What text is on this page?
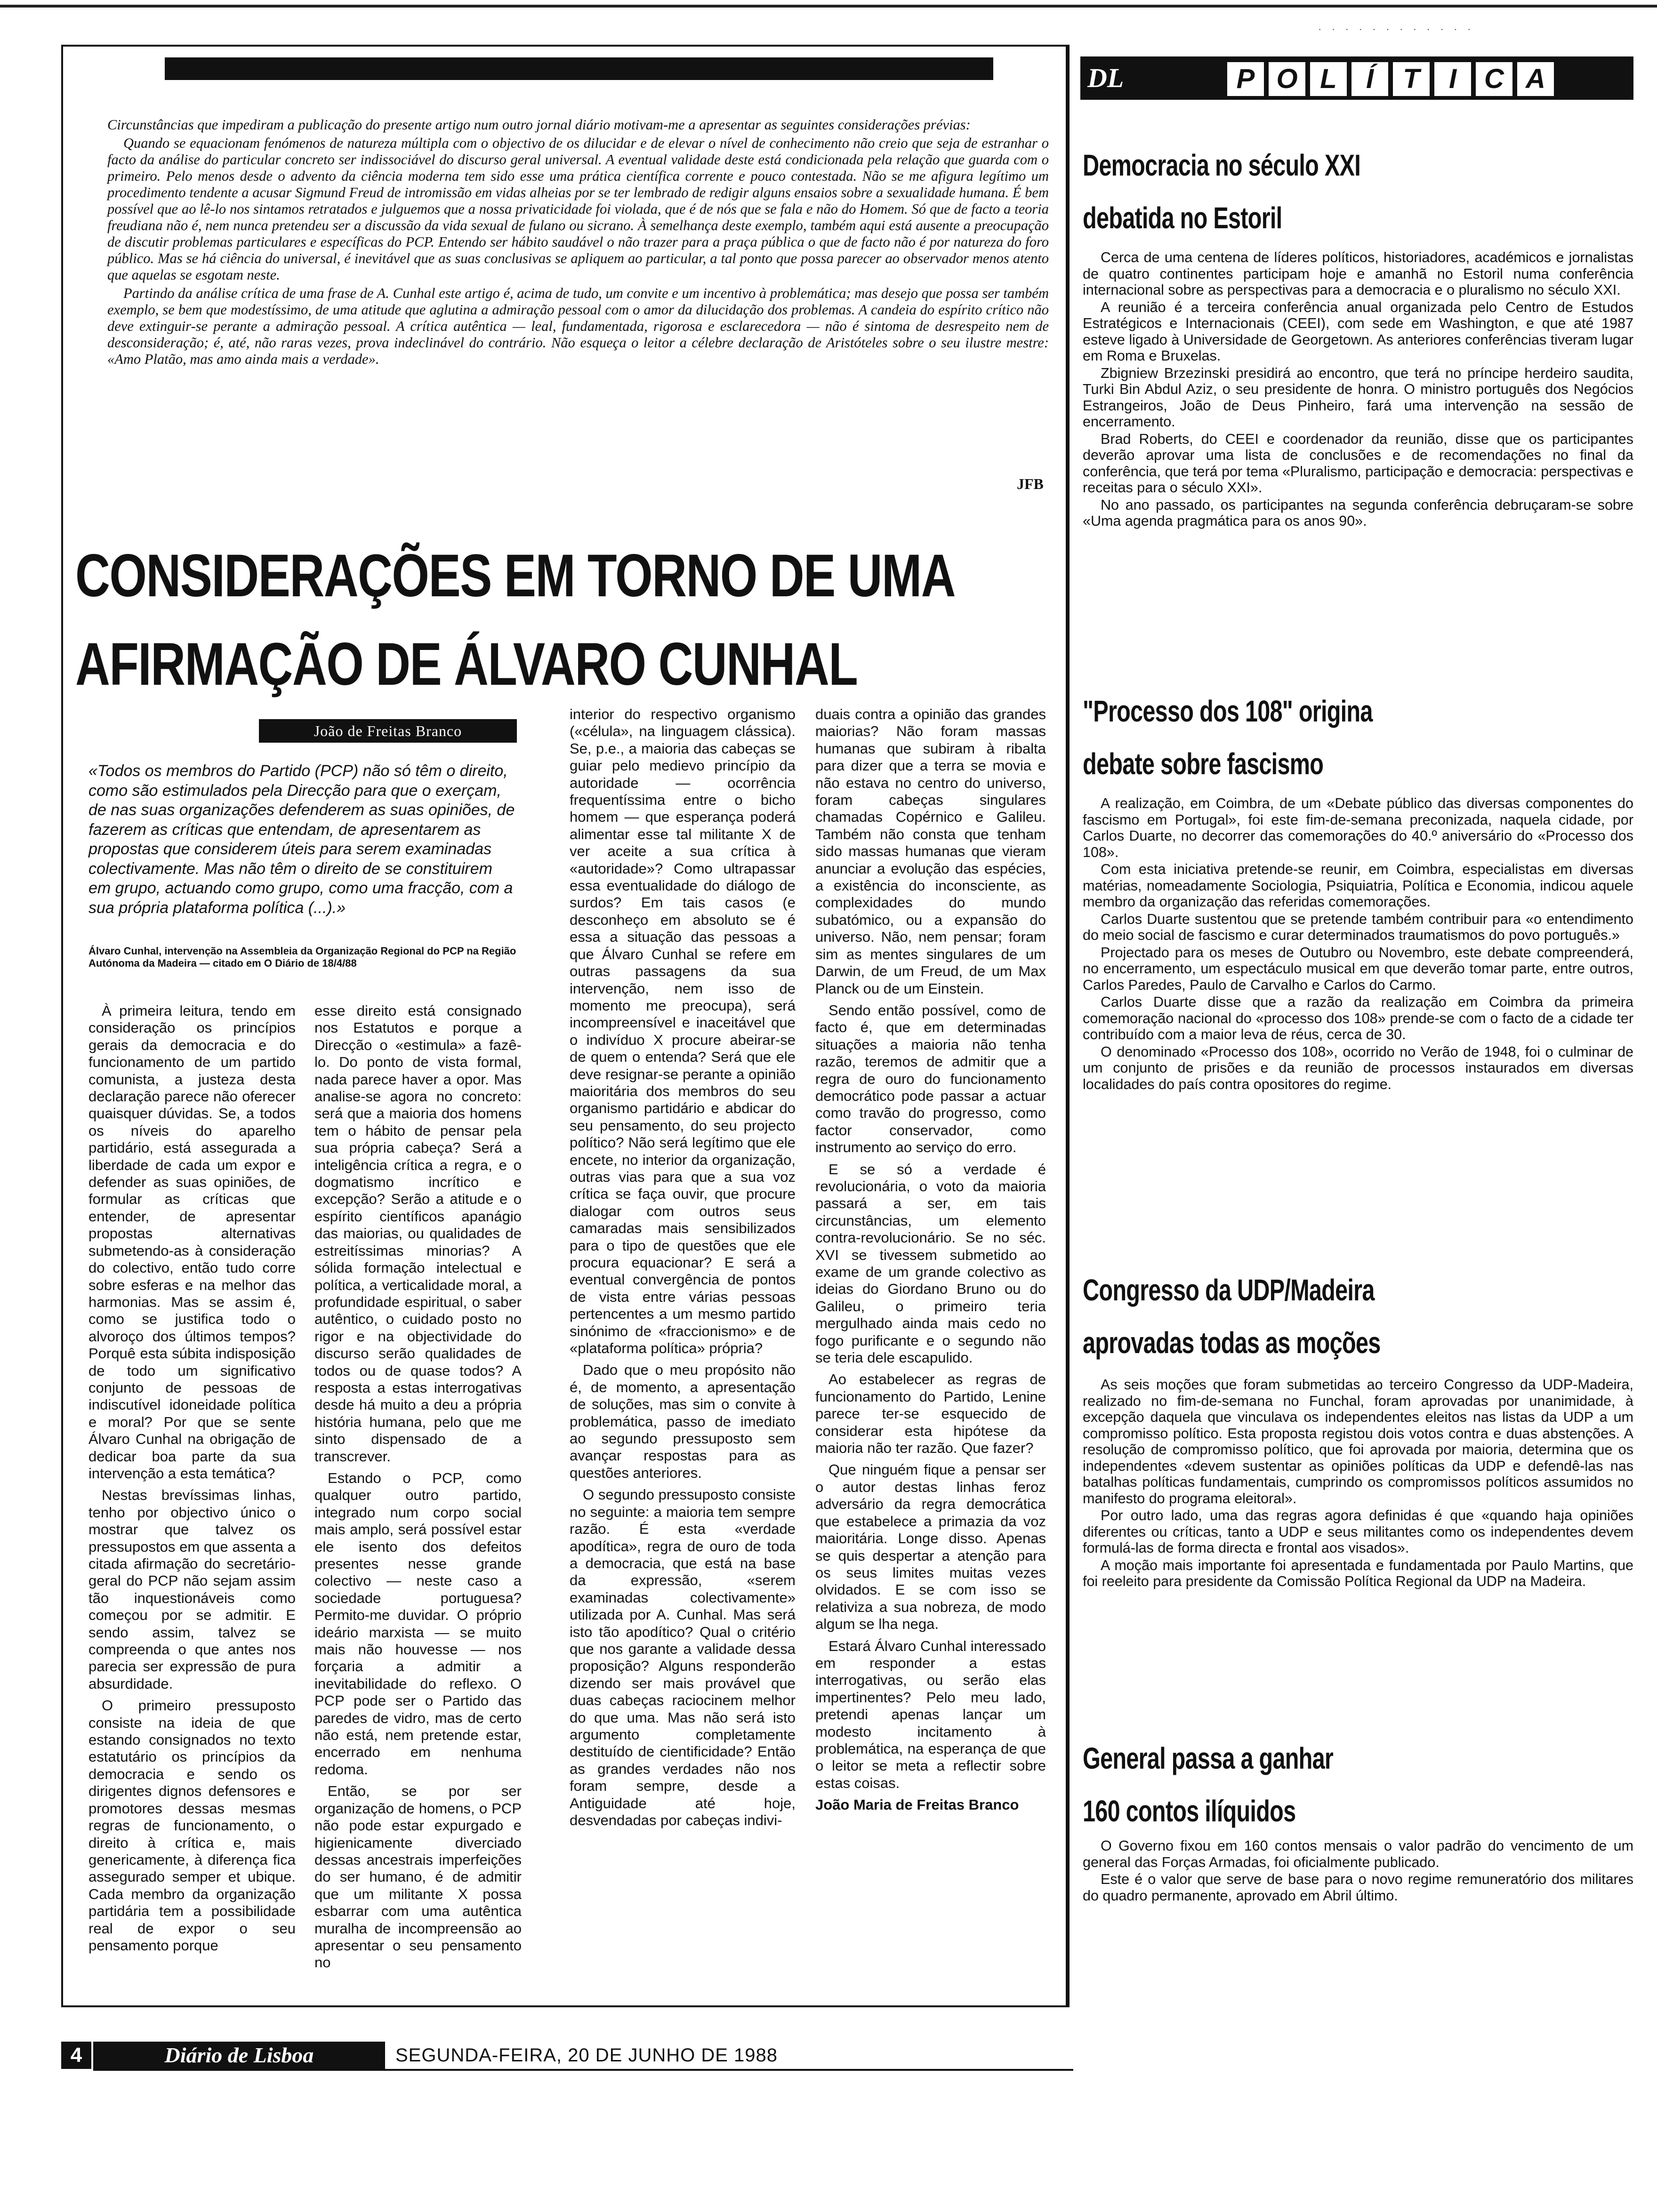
· · · · · · · · · · · ·

Circunstâncias que impediram a publicação do presente artigo num outro jornal diário motivam-me a apresentar as seguintes considerações prévias:

Quando se equacionam fenómenos de natureza múltipla com o objectivo de os dilucidar e de elevar o nível de conhecimento não creio que seja de estranhar o facto da análise do particular concreto ser indissociável do discurso geral universal. A eventual validade deste está condicionada pela relação que guarda com o primeiro. Pelo menos desde o advento da ciência moderna tem sido esse uma prática científica corrente e pouco contestada. Não se me afigura legítimo um procedimento tendente a acusar Sigmund Freud de intromissão em vidas alheias por se ter lembrado de redigir alguns ensaios sobre a sexualidade humana. É bem possível que ao lê-lo nos sintamos retratados e julguemos que a nossa privaticidade foi violada, que é de nós que se fala e não do Homem. Só que de facto a teoria freudiana não é, nem nunca pretendeu ser a discussão da vida sexual de fulano ou sicrano. À semelhança deste exemplo, também aqui está ausente a preocupação de discutir problemas particulares e específicas do PCP. Entendo ser hábito saudável o não trazer para a praça pública o que de facto não é por natureza do foro público. Mas se há ciência do universal, é inevitável que as suas conclusivas se apliquem ao particular, a tal ponto que possa parecer ao observador menos atento que aquelas se esgotam neste.

Partindo da análise crítica de uma frase de A. Cunhal este artigo é, acima de tudo, um convite e um incentivo à problemática; mas desejo que possa ser também exemplo, se bem que modestíssimo, de uma atitude que aglutina a admiração pessoal com o amor da dilucidação dos problemas. A candeia do espírito crítico não deve extinguir-se perante a admiração pessoal. A crítica autêntica — leal, fundamentada, rigorosa e esclarecedora — não é sintoma de desrespeito nem de desconsideração; é, até, não raras vezes, prova indeclinável do contrário. Não esqueça o leitor a célebre declaração de Aristóteles sobre o seu ilustre mestre: «Amo Platão, mas amo ainda mais a verdade».

JFB
CONSIDERAÇÕES EM TORNO DE UMA
AFIRMAÇÃO DE ÁLVARO CUNHAL
João de Freitas Branco
«Todos os membros do Partido (PCP) não só têm o direito, como são estimulados pela Direcção para que o exerçam, de nas suas organizações defenderem as suas opiniões, de fazerem as críticas que entendam, de apresentarem as propostas que considerem úteis para serem examinadas colectivamente. Mas não têm o direito de se constituirem em grupo, actuando como grupo, como uma fracção, com a sua própria plataforma política (...).»
Álvaro Cunhal, intervenção na Assembleia da Organização Regional do PCP na Região Autónoma da Madeira — citado em O Diário de 18/4/88

À primeira leitura, tendo em consideração os princípios gerais da democracia e do funcionamento de um partido comunista, a justeza desta declaração parece não oferecer quaisquer dúvidas. Se, a todos os níveis do aparelho partidário, está assegurada a liberdade de cada um expor e defender as suas opiniões, de formular as críticas que entender, de apresentar propostas alternativas submetendo-as à consideração do colectivo, então tudo corre sobre esferas e na melhor das harmonias. Mas se assim é, como se justifica todo o alvoroço dos últimos tempos? Porquê esta súbita indisposição de todo um significativo conjunto de pessoas de indiscutível idoneidade política e moral? Por que se sente Álvaro Cunhal na obrigação de dedicar boa parte da sua intervenção a esta temática?

Nestas brevíssimas linhas, tenho por objectivo único o mostrar que talvez os pressupostos em que assenta a citada afirmação do secretário-geral do PCP não sejam assim tão inquestionáveis como começou por se admitir. E sendo assim, talvez se compreenda o que antes nos parecia ser expressão de pura absurdidade.

O primeiro pressuposto consiste na ideia de que estando consignados no texto estatutário os princípios da democracia e sendo os dirigentes dignos defensores e promotores dessas mesmas regras de funcionamento, o direito à crítica e, mais genericamente, à diferença fica assegurado semper et ubique. Cada membro da organização partidária tem a possibilidade real de expor o seu pensamento porque

esse direito está consignado nos Estatutos e porque a Direcção o «estimula» a fazê-lo. Do ponto de vista formal, nada parece haver a opor. Mas analise-se agora no concreto: será que a maioria dos homens tem o hábito de pensar pela sua própria cabeça? Será a inteligência crítica a regra, e o dogmatismo incrítico e excepção? Serão a atitude e o espírito científicos apanágio das maiorias, ou qualidades de estreitíssimas minorias? A sólida formação intelectual e política, a verticalidade moral, a profundidade espiritual, o saber autêntico, o cuidado posto no rigor e na objectividade do discurso serão qualidades de todos ou de quase todos? A resposta a estas interrogativas desde há muito a deu a própria história humana, pelo que me sinto dispensado de a transcrever.

Estando o PCP, como qualquer outro partido, integrado num corpo social mais amplo, será possível estar ele isento dos defeitos presentes nesse grande colectivo — neste caso a sociedade portuguesa? Permito-me duvidar. O próprio ideário marxista — se muito mais não houvesse — nos forçaria a admitir a inevitabilidade do reflexo. O PCP pode ser o Partido das paredes de vidro, mas de certo não está, nem pretende estar, encerrado em nenhuma redoma.

Então, se por ser organização de homens, o PCP não pode estar expurgado e higienicamente diverciado dessas ancestrais imperfeições do ser humano, é de admitir que um militante X possa esbarrar com uma autêntica muralha de incompreensão ao apresentar o seu pensamento no

interior do respectivo organismo («célula», na linguagem clássica). Se, p.e., a maioria das cabeças se guiar pelo medievo princípio da autoridade — ocorrência frequentíssima entre o bicho homem — que esperança poderá alimentar esse tal militante X de ver aceite a sua crítica à «autoridade»? Como ultrapassar essa eventualidade do diálogo de surdos? Em tais casos (e desconheço em absoluto se é essa a situação das pessoas a que Álvaro Cunhal se refere em outras passagens da sua intervenção, nem isso de momento me preocupa), será incompreensível e inaceitável que o indivíduo X procure abeirar-se de quem o entenda? Será que ele deve resignar-se perante a opinião maioritária dos membros do seu organismo partidário e abdicar do seu pensamento, do seu projecto político? Não será legítimo que ele encete, no interior da organização, outras vias para que a sua voz crítica se faça ouvir, que procure dialogar com outros seus camaradas mais sensibilizados para o tipo de questões que ele procura equacionar? E será a eventual convergência de pontos de vista entre várias pessoas pertencentes a um mesmo partido sinónimo de «fraccionismo» e de «plataforma política» própria?

Dado que o meu propósito não é, de momento, a apresentação de soluções, mas sim o convite à problemática, passo de imediato ao segundo pressuposto sem avançar respostas para as questões anteriores.

O segundo pressuposto consiste no seguinte: a maioria tem sempre razão. É esta «verdade apodítica», regra de ouro de toda a democracia, que está na base da expressão, «serem examinadas colectivamente» utilizada por A. Cunhal. Mas será isto tão apodítico? Qual o critério que nos garante a validade dessa proposição? Alguns responderão dizendo ser mais provável que duas cabeças raciocinem melhor do que uma. Mas não será isto argumento completamente destituído de cientificidade? Então as grandes verdades não nos foram sempre, desde a Antiguidade até hoje, desvendadas por cabeças indivi-

duais contra a opinião das grandes maiorias? Não foram massas humanas que subiram à ribalta para dizer que a terra se movia e não estava no centro do universo, foram cabeças singulares chamadas Copérnico e Galileu. Também não consta que tenham sido massas humanas que vieram anunciar a evolução das espécies, a existência do inconsciente, as complexidades do mundo subatómico, ou a expansão do universo. Não, nem pensar; foram sim as mentes singulares de um Darwin, de um Freud, de um Max Planck ou de um Einstein.

Sendo então possível, como de facto é, que em determinadas situações a maioria não tenha razão, teremos de admitir que a regra de ouro do funcionamento democrático pode passar a actuar como travão do progresso, como factor conservador, como instrumento ao serviço do erro.

E se só a verdade é revolucionária, o voto da maioria passará a ser, em tais circunstâncias, um elemento contra-revolucionário. Se no séc. XVI se tivessem submetido ao exame de um grande colectivo as ideias do Giordano Bruno ou do Galileu, o primeiro teria mergulhado ainda mais cedo no fogo purificante e o segundo não se teria dele escapulido.

Ao estabelecer as regras de funcionamento do Partido, Lenine parece ter-se esquecido de considerar esta hipótese da maioria não ter razão. Que fazer?

Que ninguém fique a pensar ser o autor destas linhas feroz adversário da regra democrática que estabelece a primazia da voz maioritária. Longe disso. Apenas se quis despertar a atenção para os seus limites muitas vezes olvidados. E se com isso se relativiza a sua nobreza, de modo algum se lha nega.

Estará Álvaro Cunhal interessado em responder a estas interrogativas, ou serão elas impertinentes? Pelo meu lado, pretendi apenas lançar um modesto incitamento à problemática, na esperança de que o leitor se meta a reflectir sobre estas coisas.

João Maria de Freitas Branco

DL	P O L	Í	T	I	C A
Democracia no século XXI
debatida no Estoril

Cerca de uma centena de líderes políticos, historiadores, académicos e jornalistas de quatro continentes participam hoje e amanhã no Estoril numa conferência internacional sobre as perspectivas para a democracia e o pluralismo no século XXI.

A reunião é a terceira conferência anual organizada pelo Centro de Estudos Estratégicos e Internacionais (CEEI), com sede em Washington, e que até 1987 esteve ligado à Universidade de Georgetown. As anteriores conferências tiveram lugar em Roma e Bruxelas.

Zbigniew Brzezinski presidirá ao encontro, que terá no príncipe herdeiro saudita, Turki Bin Abdul Aziz, o seu presidente de honra. O ministro português dos Negócios Estrangeiros, João de Deus Pinheiro, fará uma intervenção na sessão de encerramento.

Brad Roberts, do CEEI e coordenador da reunião, disse que os participantes deverão aprovar uma lista de conclusões e de recomendações no final da conferência, que terá por tema «Pluralismo, participação e democracia: perspectivas e receitas para o século XXI».

No ano passado, os participantes na segunda conferência debruçaram-se sobre «Uma agenda pragmática para os anos 90».

"Processo dos 108" origina
debate sobre fascismo

A realização, em Coimbra, de um «Debate público das diversas componentes do fascismo em Portugal», foi este fim-de-semana preconizada, naquela cidade, por Carlos Duarte, no decorrer das comemorações do 40.º aniversário do «Processo dos 108».

Com esta iniciativa pretende-se reunir, em Coimbra, especialistas em diversas matérias, nomeadamente Sociologia, Psiquiatria, Política e Economia, indicou aquele membro da organização das referidas comemorações.

Carlos Duarte sustentou que se pretende também contribuir para «o entendimento do meio social de fascismo e curar determinados traumatismos do povo português.»

Projectado para os meses de Outubro ou Novembro, este debate compreenderá, no encerramento, um espectáculo musical em que deverão tomar parte, entre outros, Carlos Paredes, Paulo de Carvalho e Carlos do Carmo.

Carlos Duarte disse que a razão da realização em Coimbra da primeira comemoração nacional do «processo dos 108» prende-se com o facto de a cidade ter contribuído com a maior leva de réus, cerca de 30.

O denominado «Processo dos 108», ocorrido no Verão de 1948, foi o culminar de um conjunto de prisões e da reunião de processos instaurados em diversas localidades do país contra opositores do regime.

Congresso da UDP/Madeira
aprovadas todas as moções

As seis moções que foram submetidas ao terceiro Congresso da UDP-Madeira, realizado no fim-de-semana no Funchal, foram aprovadas por unanimidade, à excepção daquela que vinculava os independentes eleitos nas listas da UDP a um compromisso político. Esta proposta registou dois votos contra e duas abstenções. A resolução de compromisso político, que foi aprovada por maioria, determina que os independentes «devem sustentar as opiniões políticas da UDP e defendê-las nas batalhas políticas fundamentais, cumprindo os compromissos políticos assumidos no manifesto do programa eleitoral».

Por outro lado, uma das regras agora definidas é que «quando haja opiniões diferentes ou críticas, tanto a UDP e seus militantes como os independentes devem formulá-las de forma directa e frontal aos visados».

A moção mais importante foi apresentada e fundamentada por Paulo Martins, que foi reeleito para presidente da Comissão Política Regional da UDP na Madeira.

General passa a ganhar
160 contos ilíquidos

O Governo fixou em 160 contos mensais o valor padrão do vencimento de um general das Forças Armadas, foi oficialmente publicado.

Este é o valor que serve de base para o novo regime remuneratório dos militares do quadro permanente, aprovado em Abril último.

4	Diário de Lisboa	SEGUNDA-FEIRA, 20 DE JUNHO DE 1988
